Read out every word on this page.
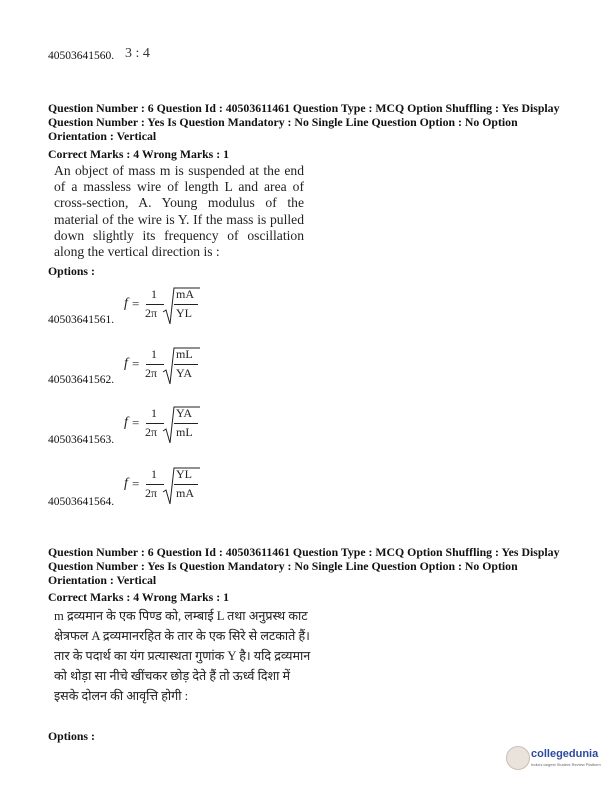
40503641560. 3 : 4
Question Number : 6 Question Id : 40503611461 Question Type : MCQ Option Shuffling : Yes Display
Question Number : Yes Is Question Mandatory : No Single Line Question Option : No Option
Orientation : Vertical
Correct Marks : 4 Wrong Marks : 1
An object of mass m is suspended at the end of a massless wire of length L and area of cross-section, A. Young modulus of the material of the wire is Y. If the mass is pulled down slightly its frequency of oscillation along the vertical direction is :
Options :
f =
1
2π
mA
YL
40503641561.
f =
1
2π
mL
YA
40503641562.
f =
1
2π
YA
mL
40503641563.
f =
1
2π
YL
mA
40503641564.
Question Number : 6 Question Id : 40503611461 Question Type : MCQ Option Shuffling : Yes Display
Question Number : Yes Is Question Mandatory : No Single Line Question Option : No Option
Orientation : Vertical
Correct Marks : 4 Wrong Marks : 1
m द्रव्यमान के एक पिण्ड को, लम्बाई L तथा अनुप्रस्थ काट क्षेत्रफल A द्रव्यमानरहित के तार के एक सिरे से लटकाते हैं। तार के पदार्थ का यंग प्रत्यास्थता गुणांक Y है। यदि द्रव्यमान को थोड़ा सा नीचे खींचकर छोड़ देते हैं तो ऊर्ध्व दिशा में इसके दोलन की आवृत्ति होगी :
Options :
collegedunia
India's largest Student Review Platform
